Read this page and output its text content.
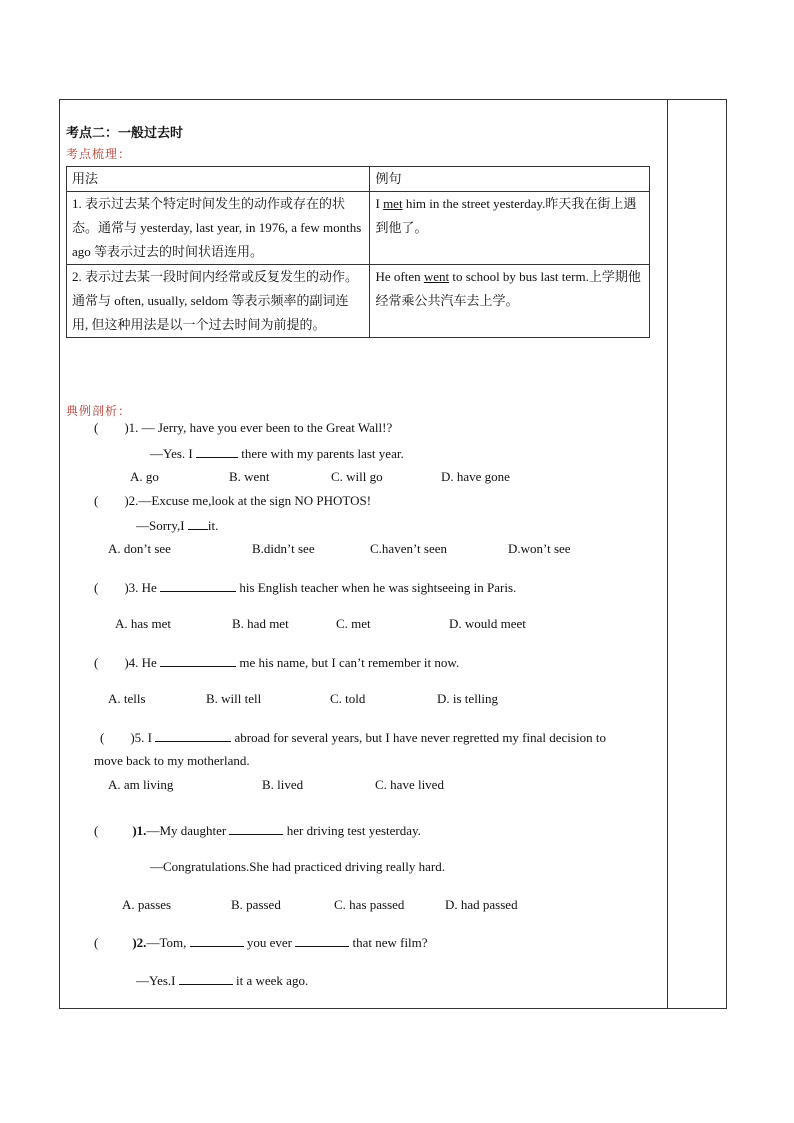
考点二：一般过去时
考点梳理：
用法	例句
1. 表示过去某个特定时间发生的动作或存在的状态。通常与 yesterday, last year, in 1976, a few months ago 等表示过去的时间状语连用。	I met him in the street yesterday.昨天我在街上遇到他了。
2. 表示过去某一段时间内经常或反复发生的动作。通常与 often, usually, seldom 等表示频率的副词连用, 但这种用法是以一个过去时间为前提的。	He often went to school by bus last term.上学期他经常乘公共汽车去上学。
典例剖析：
( )1. — Jerry, have you ever been to the Great Wall!?
—Yes. I	there with my parents last year.
A. go	B. went	C. will go	D. have gone
( )2.—Excuse me,look at the sign NO PHOTOS!
—Sorry,I it.
A. don’t see	B.didn’t see	C.haven’t seen	D.won’t see
( )3. He	his English teacher when he was sightseeing in Paris.
A. has met	B. had met	C. met	D. would meet
( )4. He	me his name, but I can’t remember it now.
A. tells	B. will tell	C. told	D. is telling
( )5. I	abroad for several years, but I have never regretted my final decision to
move back to my motherland.
A. am living	B. lived	C. have lived
(	)1.—My daughter	her driving test yesterday.
—Congratulations.She had practiced driving really hard.
A. passes	B. passed	C. has passed	D. had passed
(	)2.—Tom,	you ever	that new film?
—Yes.I	it a week ago.
